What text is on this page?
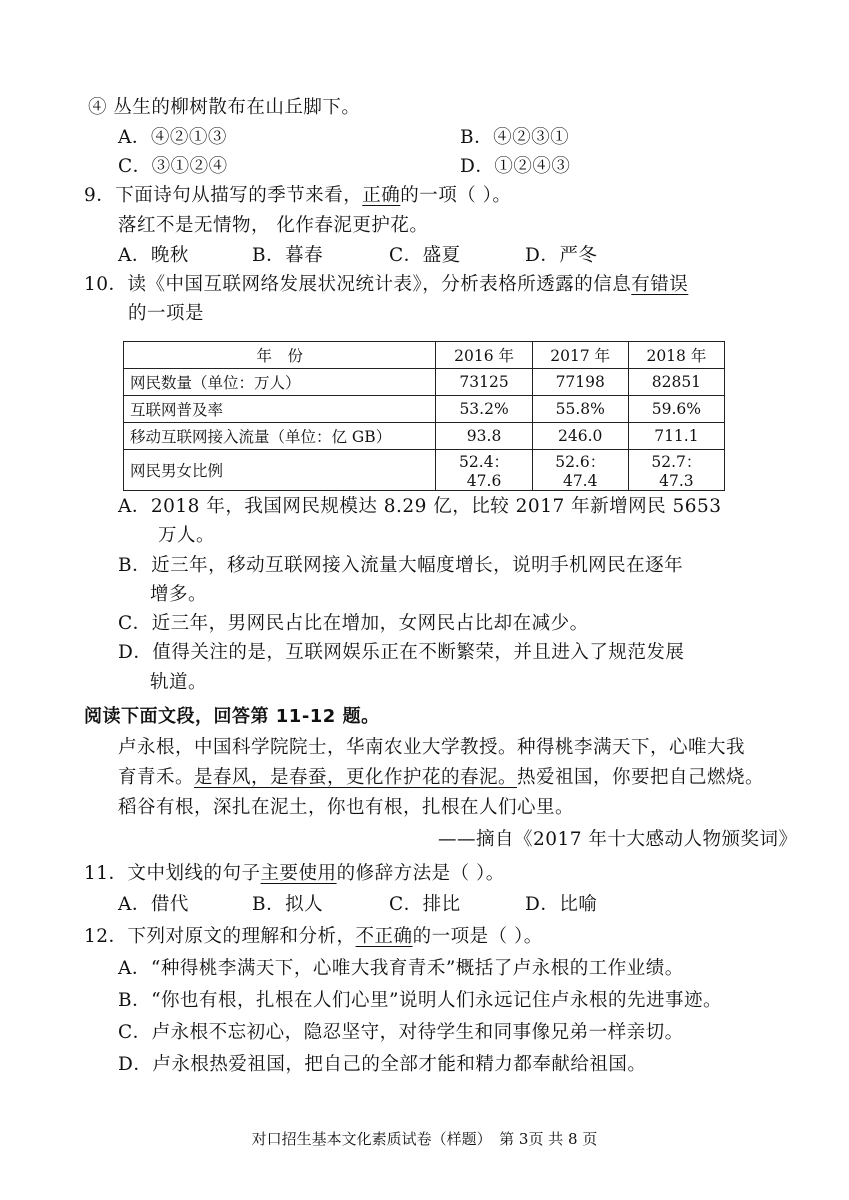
④ 丛生的柳树散布在山丘脚下。
A．④②①③	B．④②③①
C．③①②④	D．①②④③
9．下面诗句从描写的季节来看，正确的一项（ ）。
落红不是无情物， 化作春泥更护花。
A．晚秋	B．暮春	C．盛夏	D．严冬
10．读《中国互联网络发展状况统计表》，分析表格所透露的信息有错误
的一项是
年　份	2016 年	2017 年	2018 年
网民数量（单位：万人）	73125	77198	82851
互联网普及率	53.2%	55.8%	59.6%
移动互联网接入流量（单位：亿 GB）	93.8	246.0	711.1
网民男女比例	52.4：47.6	52.6：47.4	52.7：47.3
A．2018 年，我国网民规模达 8.29 亿，比较 2017 年新增网民 5653
万人。
B．近三年，移动互联网接入流量大幅度增长，说明手机网民在逐年
增多。
C．近三年，男网民占比在增加，女网民占比却在减少。
D．值得关注的是，互联网娱乐正在不断繁荣，并且进入了规范发展
轨道。
阅读下面文段，回答第 11-12 题。
卢永根，中国科学院院士，华南农业大学教授。种得桃李满天下，心唯大我
育青禾。是春风，是春蚕，更化作护花的春泥。热爱祖国，你要把自己燃烧。
稻谷有根，深扎在泥土，你也有根，扎根在人们心里。
——摘自《2017 年十大感动人物颁奖词》
11．文中划线的句子主要使用的修辞方法是（ ）。
A．借代	B．拟人	C．排比	D．比喻
12．下列对原文的理解和分析，不正确的一项是（ ）。
A．“种得桃李满天下，心唯大我育青禾”概括了卢永根的工作业绩。
B．“你也有根，扎根在人们心里”说明人们永远记住卢永根的先进事迹。
C．卢永根不忘初心，隐忍坚守，对待学生和同事像兄弟一样亲切。
D．卢永根热爱祖国，把自己的全部才能和精力都奉献给祖国。
对口招生基本文化素质试卷（样题）　第 3页 共 8 页
